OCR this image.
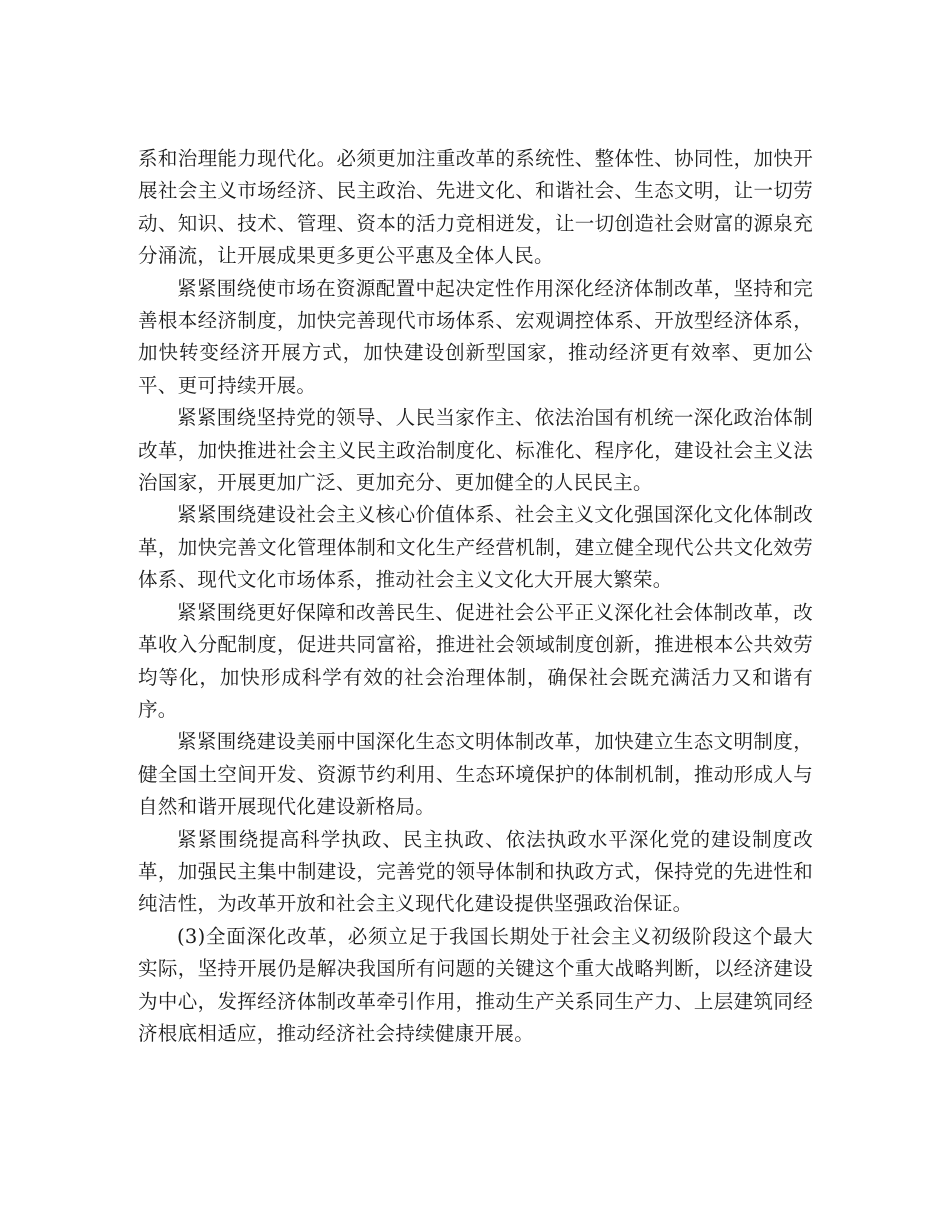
系和治理能力现代化。必须更加注重改革的系统性、整体性、协同性，加快开展社会主义市场经济、民主政治、先进文化、和谐社会、生态文明，让一切劳动、知识、技术、管理、资本的活力竞相迸发，让一切创造社会财富的源泉充分涌流，让开展成果更多更公平惠及全体人民。

紧紧围绕使市场在资源配置中起决定性作用深化经济体制改革，坚持和完善根本经济制度，加快完善现代市场体系、宏观调控体系、开放型经济体系，加快转变经济开展方式，加快建设创新型国家，推动经济更有效率、更加公平、更可持续开展。

紧紧围绕坚持党的领导、人民当家作主、依法治国有机统一深化政治体制改革，加快推进社会主义民主政治制度化、标准化、程序化，建设社会主义法治国家，开展更加广泛、更加充分、更加健全的人民民主。

紧紧围绕建设社会主义核心价值体系、社会主义文化强国深化文化体制改革，加快完善文化管理体制和文化生产经营机制，建立健全现代公共文化效劳体系、现代文化市场体系，推动社会主义文化大开展大繁荣。

紧紧围绕更好保障和改善民生、促进社会公平正义深化社会体制改革，改革收入分配制度，促进共同富裕，推进社会领域制度创新，推进根本公共效劳均等化，加快形成科学有效的社会治理体制，确保社会既充满活力又和谐有序。

紧紧围绕建设美丽中国深化生态文明体制改革，加快建立生态文明制度，健全国土空间开发、资源节约利用、生态环境保护的体制机制，推动形成人与自然和谐开展现代化建设新格局。

紧紧围绕提高科学执政、民主执政、依法执政水平深化党的建设制度改革，加强民主集中制建设，完善党的领导体制和执政方式，保持党的先进性和纯洁性，为改革开放和社会主义现代化建设提供坚强政治保证。

(3)全面深化改革，必须立足于我国长期处于社会主义初级阶段这个最大实际，坚持开展仍是解决我国所有问题的关键这个重大战略判断，以经济建设为中心，发挥经济体制改革牵引作用，推动生产关系同生产力、上层建筑同经济根底相适应，推动经济社会持续健康开展。
